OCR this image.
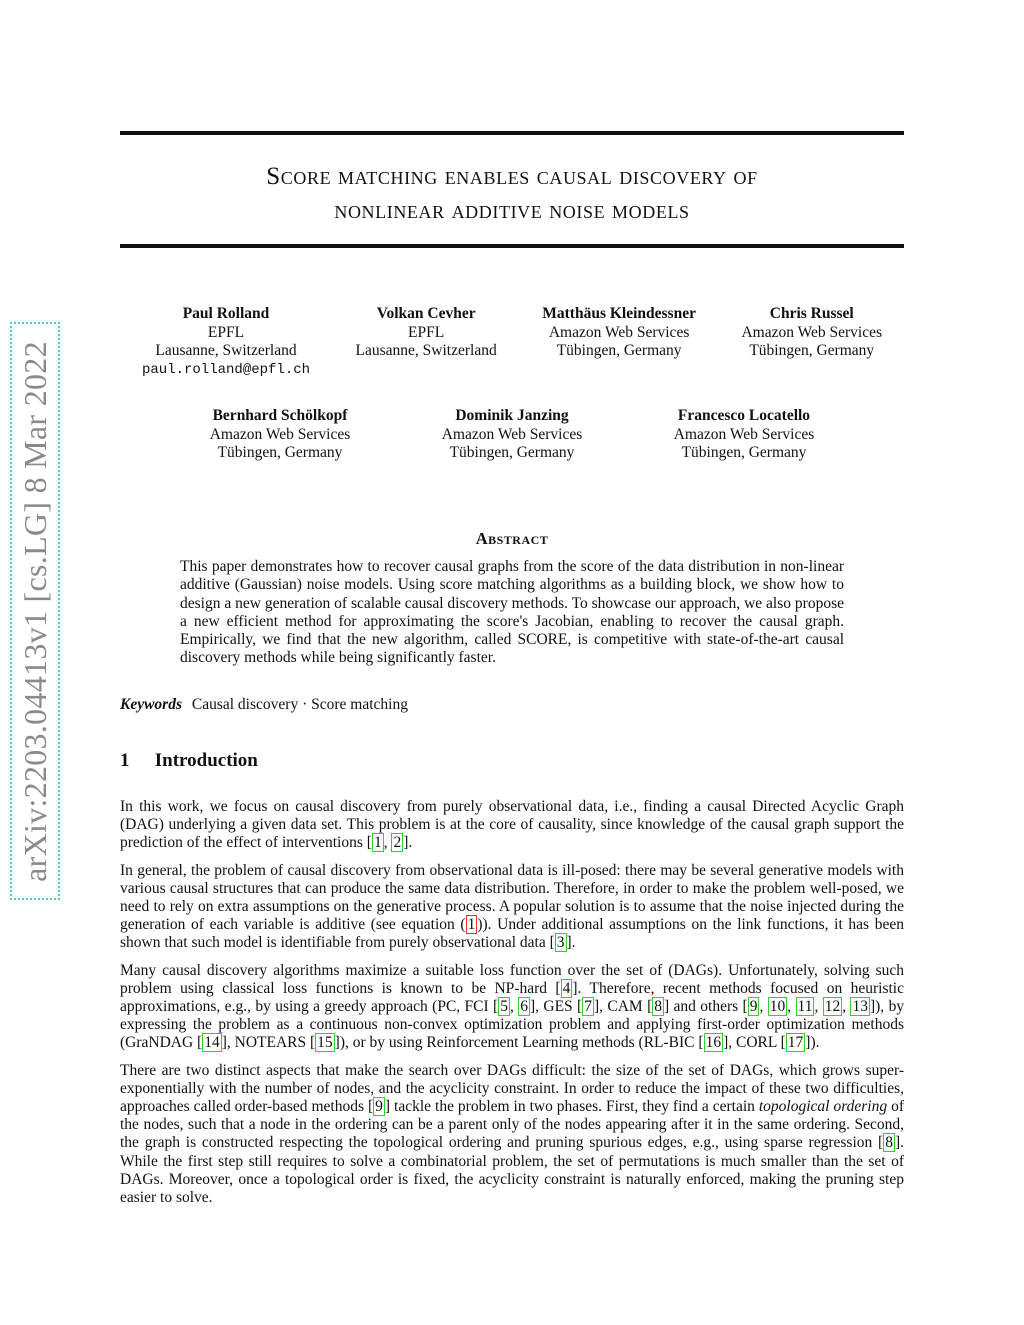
arXiv:2203.04413v1 [cs.LG] 8 Mar 2022
Score matching enables causal discovery of
nonlinear additive noise models
Paul Rolland
EPFL
Lausanne, Switzerland
paul.rolland@epfl.ch
Volkan Cevher
EPFL
Lausanne, Switzerland
Matthäus Kleindessner
Amazon Web Services
Tübingen, Germany
Chris Russel
Amazon Web Services
Tübingen, Germany
Bernhard Schölkopf
Amazon Web Services
Tübingen, Germany
Dominik Janzing
Amazon Web Services
Tübingen, Germany
Francesco Locatello
Amazon Web Services
Tübingen, Germany
Abstract
This paper demonstrates how to recover causal graphs from the score of the data distribution in non-linear additive (Gaussian) noise models. Using score matching algorithms as a building block, we show how to design a new generation of scalable causal discovery methods. To showcase our approach, we also propose a new efficient method for approximating the score's Jacobian, enabling to recover the causal graph. Empirically, we find that the new algorithm, called SCORE, is competitive with state-of-the-art causal discovery methods while being significantly faster.
Keywords Causal discovery · Score matching
1 Introduction

In this work, we focus on causal discovery from purely observational data, i.e., finding a causal Directed Acyclic Graph (DAG) underlying a given data set. This problem is at the core of causality, since knowledge of the causal graph support the prediction of the effect of interventions [ 1 , 2 ].

In general, the problem of causal discovery from observational data is ill-posed: there may be several generative models with various causal structures that can produce the same data distribution. Therefore, in order to make the problem well-posed, we need to rely on extra assumptions on the generative process. A popular solution is to assume that the noise injected during the generation of each variable is additive (see equation ( 1 )). Under additional assumptions on the link functions, it has been shown that such model is identifiable from purely observational data [ 3 ].

Many causal discovery algorithms maximize a suitable loss function over the set of (DAGs). Unfortunately, solving such problem using classical loss functions is known to be NP-hard [ 4 ]. Therefore, recent methods focused on heuristic approximations, e.g., by using a greedy approach (PC, FCI [ 5 , 6 ], GES [ 7 ], CAM [ 8 ] and others [ 9 , 10 , 11 , 12 , 13 ]), by expressing the problem as a continuous non-convex optimization problem and applying first-order optimization methods (GraNDAG [ 14 ], NOTEARS [ 15 ]), or by using Reinforcement Learning methods (RL-BIC [ 16 ], CORL [ 17 ]).

There are two distinct aspects that make the search over DAGs difficult: the size of the set of DAGs, which grows super-exponentially with the number of nodes, and the acyclicity constraint. In order to reduce the impact of these two difficulties, approaches called order-based methods [ 9 ] tackle the problem in two phases. First, they find a certain topological ordering of the nodes, such that a node in the ordering can be a parent only of the nodes appearing after it in the same ordering. Second, the graph is constructed respecting the topological ordering and pruning spurious edges, e.g., using sparse regression [ 8 ]. While the first step still requires to solve a combinatorial problem, the set of permutations is much smaller than the set of DAGs. Moreover, once a topological order is fixed, the acyclicity constraint is naturally enforced, making the pruning step easier to solve.
